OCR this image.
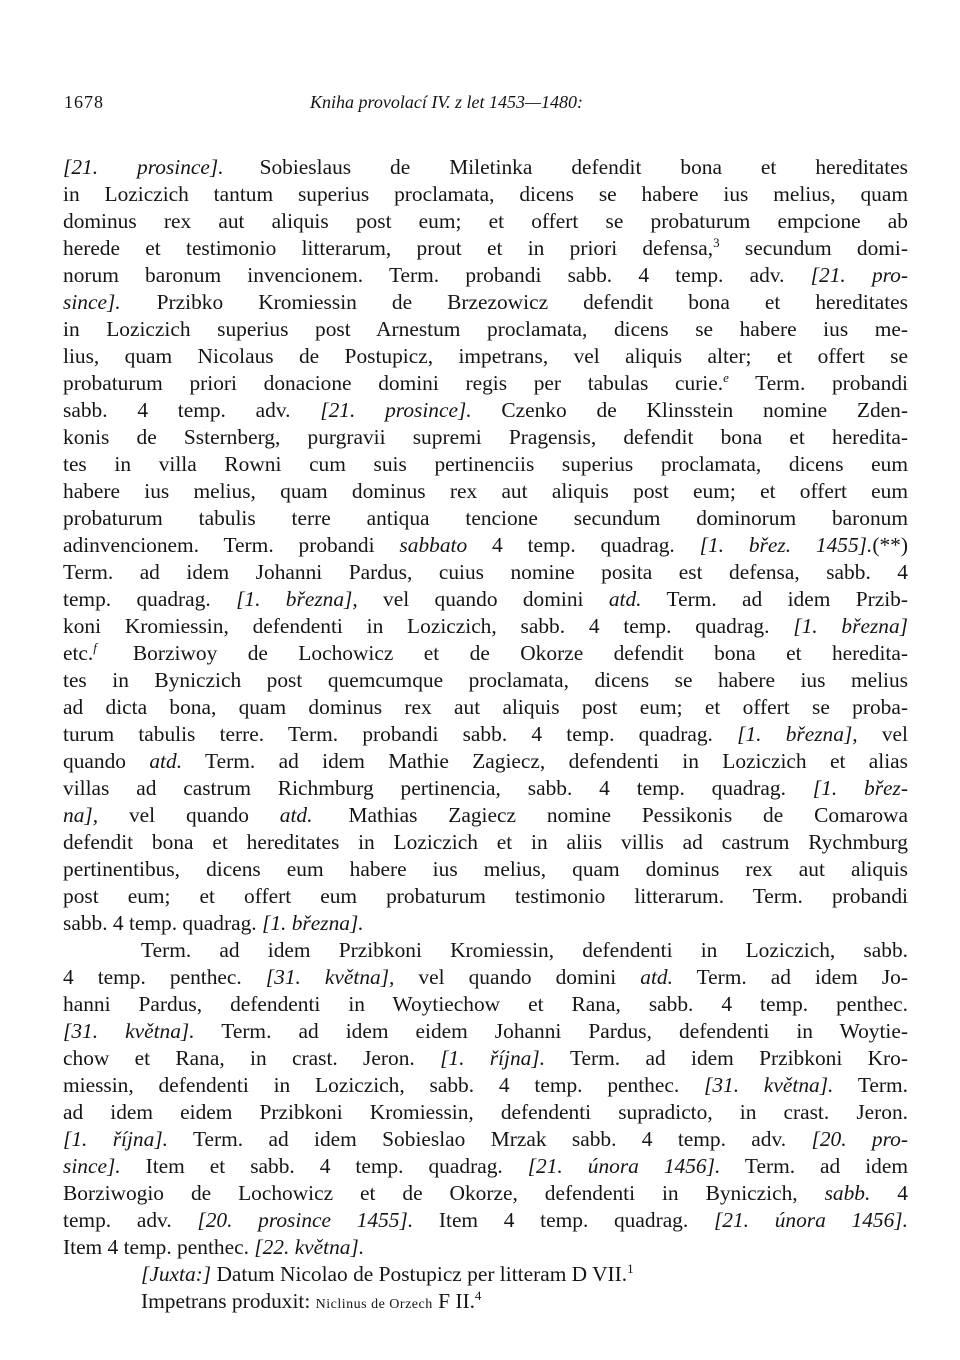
1678	Kniha provolací IV. z let 1453—1480:
[21. prosince]. Sobieslaus de Miletinka defendit bona et hereditates
in Loziczich tantum superius proclamata, dicens se habere ius melius, quam
dominus rex aut aliquis post eum; et offert se probaturum empcione ab
herede et testimonio litterarum, prout et in priori defensa,$^3$ secundum domi-
norum baronum invencionem. Term. probandi sabb. 4 temp. adv. [21. pro-
since]. Przibko Kromiessin de Brzezowicz defendit bona et hereditates
in Loziczich superius post Arnestum proclamata, dicens se habere ius me-
lius, quam Nicolaus de Postupicz, impetrans, vel aliquis alter; et offert se
probaturum priori donacione domini regis per tabulas curie.$^e$ Term. probandi
sabb. 4 temp. adv. [21. prosince]. Czenko de Klinsstein nomine Zden-
konis de Ssternberg, purgravii supremi Pragensis, defendit bona et heredita-
tes in villa Rowni cum suis pertinenciis superius proclamata, dicens eum
habere ius melius, quam dominus rex aut aliquis post eum; et offert eum
probaturum tabulis terre antiqua tencione secundum dominorum baronum
adinvencionem. Term. probandi sabbato 4 temp. quadrag. [1. břez. 1455].(**)
Term. ad idem Johanni Pardus, cuius nomine posita est defensa, sabb. 4
temp. quadrag. [1. března], vel quando domini atd. Term. ad idem Przib-
koni Kromiessin, defendenti in Loziczich, sabb. 4 temp. quadrag. [1. března]
etc.$^f$ Borziwoy de Lochowicz et de Okorze defendit bona et heredita-
tes in Byniczich post quemcumque proclamata, dicens se habere ius melius
ad dicta bona, quam dominus rex aut aliquis post eum; et offert se proba-
turum tabulis terre. Term. probandi sabb. 4 temp. quadrag. [1. března], vel
quando atd. Term. ad idem Mathie Zagiecz, defendenti in Loziczich et alias
villas ad castrum Richmburg pertinencia, sabb. 4 temp. quadrag. [1. břez-
na], vel quando atd. Mathias Zagiecz nomine Pessikonis de Comarowa
defendit bona et hereditates in Loziczich et in aliis villis ad castrum Rychmburg
pertinentibus, dicens eum habere ius melius, quam dominus rex aut aliquis
post eum; et offert eum probaturum testimonio litterarum. Term. probandi
sabb. 4 temp. quadrag. [1. března].
Term. ad idem Przibkoni Kromiessin, defendenti in Loziczich, sabb.
4 temp. penthec. [31. května], vel quando domini atd. Term. ad idem Jo-
hanni Pardus, defendenti in Woytiechow et Rana, sabb. 4 temp. penthec.
[31. května]. Term. ad idem eidem Johanni Pardus, defendenti in Woytie-
chow et Rana, in crast. Jeron. [1. října]. Term. ad idem Przibkoni Kro-
miessin, defendenti in Loziczich, sabb. 4 temp. penthec. [31. května]. Term.
ad idem eidem Przibkoni Kromiessin, defendenti supradicto, in crast. Jeron.
[1. října]. Term. ad idem Sobieslao Mrzak sabb. 4 temp. adv. [20. pro-
since]. Item et sabb. 4 temp. quadrag. [21. února 1456]. Term. ad idem
Borziwogio de Lochowicz et de Okorze, defendenti in Byniczich, sabb. 4
temp. adv. [20. prosince 1455]. Item 4 temp. quadrag. [21. února 1456].
Item 4 temp. penthec. [22. května].
[Juxta:] Datum Nicolao de Postupicz per litteram D VII.$^1$
Impetrans produxit: Niclinus de Orzech F II.$^4$
